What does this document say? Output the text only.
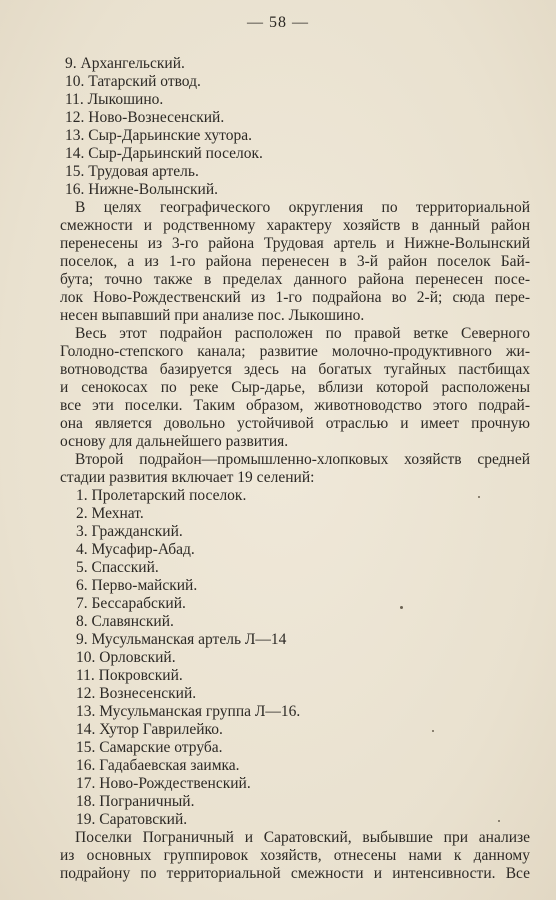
— 58 —
9. Архангельский.
10. Татарский отвод.
11. Лыкошино.
12. Ново-Вознесенский.
13. Сыр-Дарьинские хутора.
14. Сыр-Дарьинский поселок.
15. Трудовая артель.
16. Нижне-Волынский.
В целях географического округления по территориальной
смежности и родственному характеру хозяйств в данный район
перенесены из 3-го района Трудовая артель и Нижне-Волынский
поселок, а из 1-го района перенесен в 3-й район поселок Бай-
бута; точно также в пределах данного района перенесен посе-
лок Ново-Рождественский из 1-го подрайона во 2-й; сюда пере-
несен выпавший при анализе пос. Лыкошино.
Весь этот подрайон расположен по правой ветке Северного
Голодно-степского канала; развитие молочно-продуктивного жи-
вотноводства базируется здесь на богатых тугайных пастбищах
и сенокосах по реке Сыр-дарье, вблизи которой расположены
все эти поселки. Таким образом, животноводство этого подрай-
она является довольно устойчивой отраслью и имеет прочную
основу для дальнейшего развития.
Второй подрайон—промышленно-хлопковых хозяйств средней
стадии развития включает 19 селений:
1. Пролетарский поселок.
2. Мехнат.
3. Гражданский.
4. Мусафир-Абад.
5. Спасский.
6. Перво-майский.
7. Бессарабский.
8. Славянский.
9. Мусульманская артель Л—14
10. Орловский.
11. Покровский.
12. Вознесенский.
13. Мусульманская группа Л—16.
14. Хутор Гаврилейко.
15. Самарские отруба.
16. Гадабаевская заимка.
17. Ново-Рождественский.
18. Пограничный.
19. Саратовский.
Поселки Пограничный и Саратовский, выбывшие при анализе
из основных группировок хозяйств, отнесены нами к данному
подрайону по территориальной смежности и интенсивности. Все
